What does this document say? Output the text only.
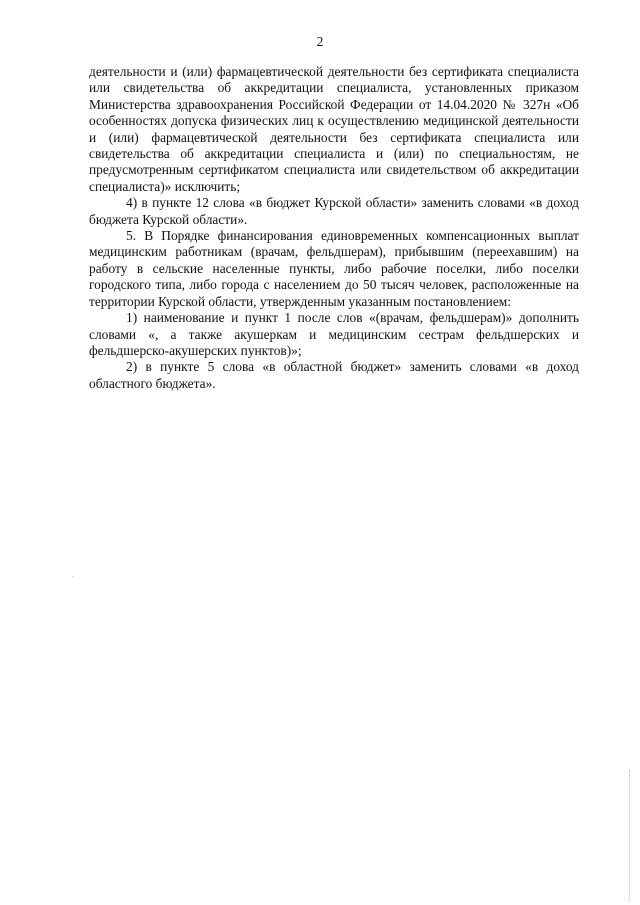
2

деятельности и (или) фармацевтической деятельности без сертификата специалиста или свидетельства об аккредитации специалиста, установленных приказом Министерства здравоохранения Российской Федерации от 14.04.2020 № 327н «Об особенностях допуска физических лиц к осуществлению медицинской деятельности и (или) фармацевтической деятельности без сертификата специалиста или свидетельства об аккредитации специалиста и (или) по специальностям, не предусмотренным сертификатом специалиста или свидетельством об аккредитации специалиста)» исключить;

4) в пункте 12 слова «в бюджет Курской области» заменить словами «в доход бюджета Курской области».

5. В Порядке финансирования единовременных компенсационных выплат медицинским работникам (врачам, фельдшерам), прибывшим (переехавшим) на работу в сельские населенные пункты, либо рабочие поселки, либо поселки городского типа, либо города с населением до 50 тысяч человек, расположенные на территории Курской области, утвержденным указанным постановлением:

1) наименование и пункт 1 после слов «(врачам, фельдшерам)» дополнить словами «, а также акушеркам и медицинским сестрам фельдшерских и фельдшерско-акушерских пунктов)»;

2) в пункте 5 слова «в областной бюджет» заменить словами «в доход областного бюджета».
